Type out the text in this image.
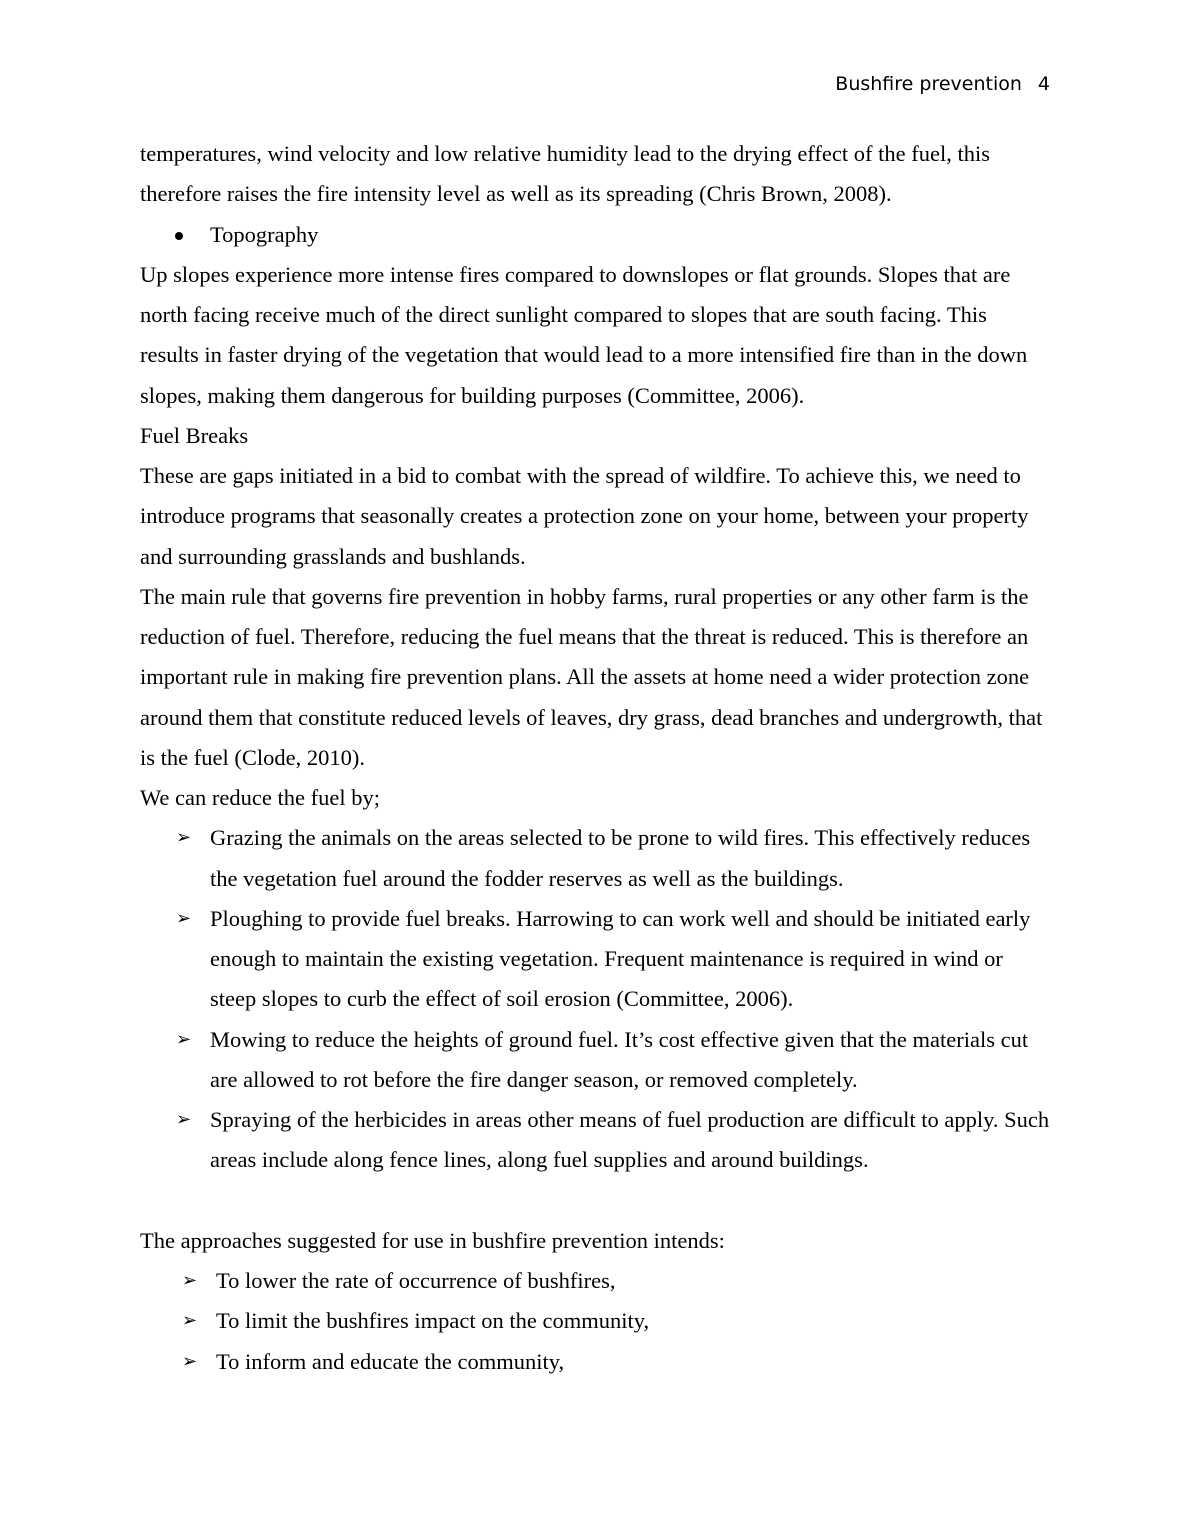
Bushfire prevention 4

temperatures, wind velocity and low relative humidity lead to the drying effect of the fuel, this therefore raises the fire intensity level as well as its spreading (Chris Brown, 2008).

Topography

Up slopes experience more intense fires compared to downslopes or flat grounds. Slopes that are north facing receive much of the direct sunlight compared to slopes that are south facing. This results in faster drying of the vegetation that would lead to a more intensified fire than in the down slopes, making them dangerous for building purposes (Committee, 2006).

Fuel Breaks

These are gaps initiated in a bid to combat with the spread of wildfire. To achieve this, we need to introduce programs that seasonally creates a protection zone on your home, between your property and surrounding grasslands and bushlands.

The main rule that governs fire prevention in hobby farms, rural properties or any other farm is the reduction of fuel. Therefore, reducing the fuel means that the threat is reduced. This is therefore an important rule in making fire prevention plans. All the assets at home need a wider protection zone around them that constitute reduced levels of leaves, dry grass, dead branches and undergrowth, that is the fuel (Clode, 2010).

We can reduce the fuel by;

➢ Grazing the animals on the areas selected to be prone to wild fires. This effectively reduces the vegetation fuel around the fodder reserves as well as the buildings.
➢ Ploughing to provide fuel breaks. Harrowing to can work well and should be initiated early enough to maintain the existing vegetation. Frequent maintenance is required in wind or steep slopes to curb the effect of soil erosion (Committee, 2006).
➢ Mowing to reduce the heights of ground fuel. It’s cost effective given that the materials cut are allowed to rot before the fire danger season, or removed completely.
➢ Spraying of the herbicides in areas other means of fuel production are difficult to apply. Such areas include along fence lines, along fuel supplies and around buildings.

The approaches suggested for use in bushfire prevention intends:

➢ To lower the rate of occurrence of bushfires,
➢ To limit the bushfires impact on the community,
➢ To inform and educate the community,
